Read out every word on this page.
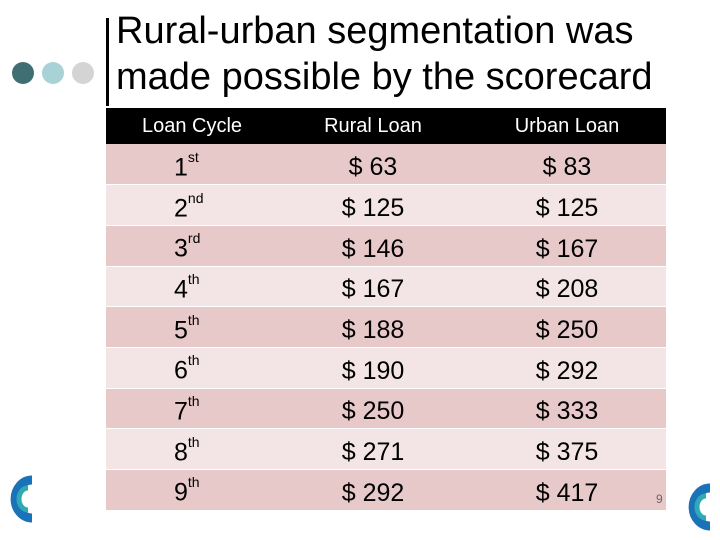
Rural-urban segmentation was
made possible by the scorecard
Loan Cycle	Rural Loan	Urban Loan
1st	$ 63	$ 83
2nd	$ 125	$ 125
3rd	$ 146	$ 167
4th	$ 167	$ 208
5th	$ 188	$ 250
6th	$ 190	$ 292
7th	$ 250	$ 333
8th	$ 271	$ 375
9th	$ 292	$ 417	9
